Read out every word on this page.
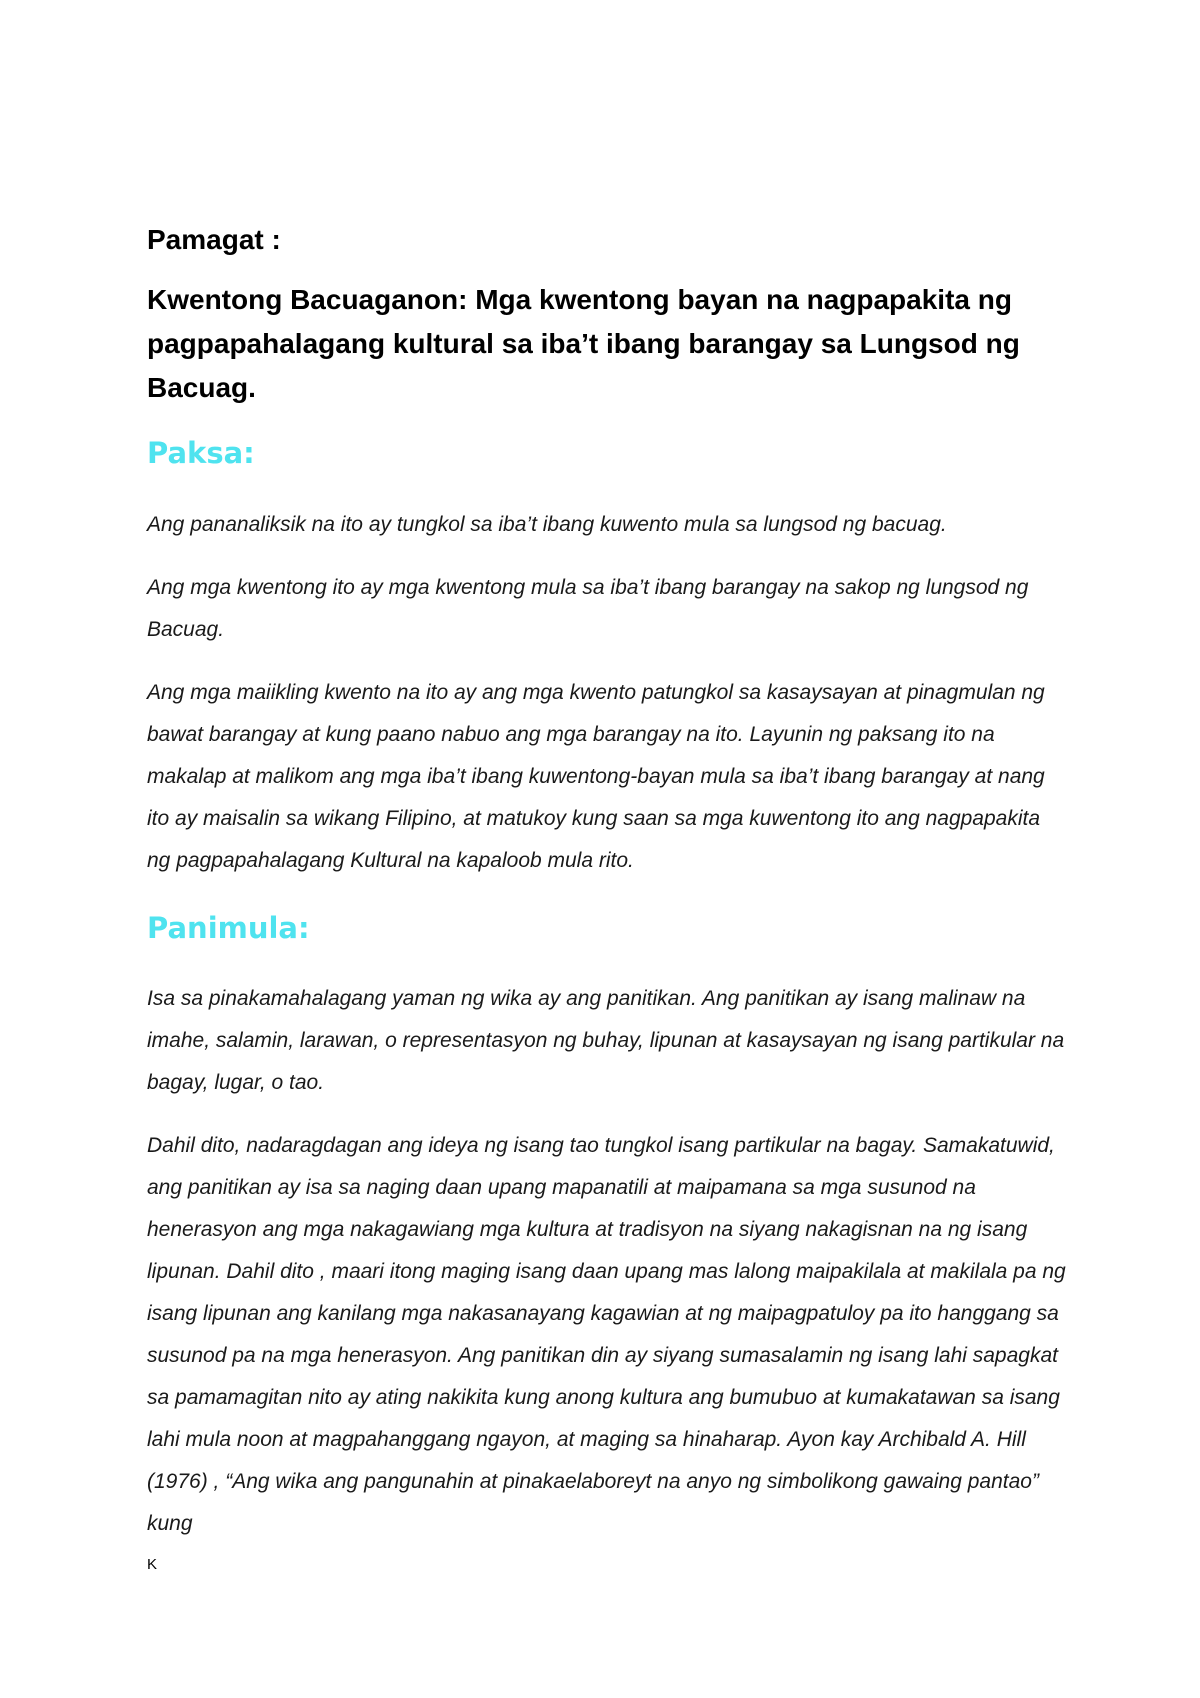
Pamagat :

Kwentong Bacuaganon: Mga kwentong bayan na nagpapakita ng pagpapahalagang kultural sa iba’t ibang barangay sa Lungsod ng Bacuag.

Paksa:

Ang pananaliksik na ito ay tungkol sa iba’t ibang kuwento mula sa lungsod ng bacuag.

Ang mga kwentong ito ay mga kwentong mula sa iba’t ibang barangay na sakop ng lungsod ng Bacuag.

Ang mga maiikling kwento na ito ay ang mga kwento patungkol sa kasaysayan at pinagmulan ng bawat barangay at kung paano nabuo ang mga barangay na ito. Layunin ng paksang ito na makalap at malikom ang mga iba’t ibang kuwentong-bayan mula sa iba’t ibang barangay at nang ito ay maisalin sa wikang Filipino, at matukoy kung saan sa mga kuwentong ito ang nagpapakita ng pagpapahalagang Kultural na kapaloob mula rito.

Panimula:

Isa sa pinakamahalagang yaman ng wika ay ang panitikan. Ang panitikan ay isang malinaw na imahe, salamin, larawan, o representasyon ng buhay, lipunan at kasaysayan ng isang partikular na bagay, lugar, o tao.

Dahil dito, nadaragdagan ang ideya ng isang tao tungkol isang partikular na bagay. Samakatuwid, ang panitikan ay isa sa naging daan upang mapanatili at maipamana sa mga susunod na henerasyon ang mga nakagawiang mga kultura at tradisyon na siyang nakagisnan na ng isang lipunan. Dahil dito , maari itong maging isang daan upang mas lalong maipakilala at makilala pa ng isang lipunan ang kanilang mga nakasanayang kagawian at ng maipagpatuloy pa ito hanggang sa susunod pa na mga henerasyon. Ang panitikan din ay siyang sumasalamin ng isang lahi sapagkat sa pamamagitan nito ay ating nakikita kung anong kultura ang bumubuo at kumakatawan sa isang lahi mula noon at magpahanggang ngayon, at maging sa hinaharap. Ayon kay Archibald A. Hill (1976) , “Ang wika ang pangunahin at pinakaelaboreyt na anyo ng simbolikong gawaing pantao” kung

K
